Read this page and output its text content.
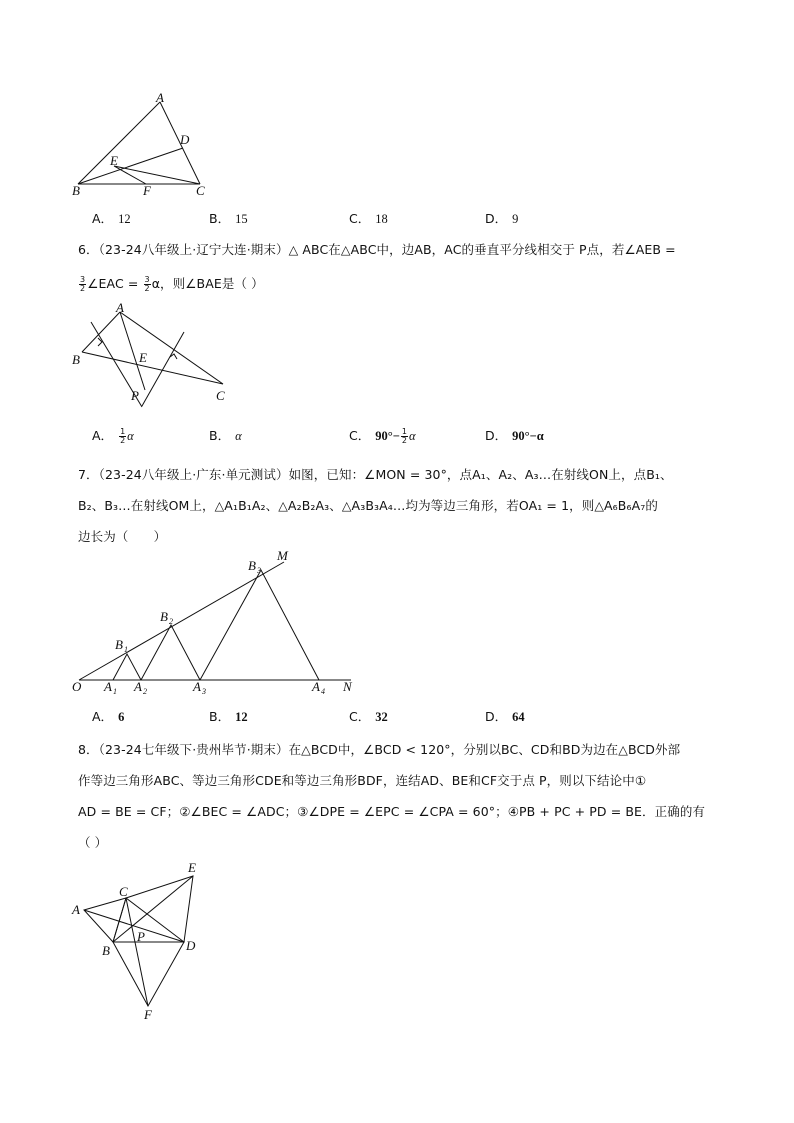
A
D
E
B	F	C
A． 12	B． 15	C． 18	D． 9
6．（23-24八年级上·辽宁大连·期末）△ ABC在△ABC中，边AB，AC的垂直平分线相交于 P点，若∠AEB =
$\frac{3}{2}$ ∠EAC = $\frac{3}{2}$ α，则∠BAE是（ ）
A
B	E
P	C
A． $\frac{1}{2}$ α	B． α	C． $90^\circ- \frac{1}{2}$ α	D． 90°−α
7．（23-24八年级上·广东·单元测试）如图，已知：∠MON = 30°，点A₁、A₂、A₃…在射线ON上，点B₁、
B₂、B₃…在射线OM上，△A₁B₁A₂、△A₂B₂A₃、△A₃B₃A₄…均为等边三角形，若OA₁ = 1，则△A₆B₆A₇的
边长为（　　）
O	N
M
A 1 A 2	A 3	A 4
B 1
B 2
B 3
A． 6	B． 12	C． 32	D． 64
8．（23-24七年级下·贵州毕节·期末）在△BCD中，∠BCD < 120°，分别以BC、CD和BD为边在△BCD外部
作等边三角形ABC、等边三角形CDE和等边三角形BDF，连结AD、BE和CF交于点 P，则以下结论中①
AD = BE = CF；②∠BEC = ∠ADC；③∠DPE = ∠EPC = ∠CPA = 60°；④PB + PC + PD = BE．正确的有
（ ）
A
C
E
P
B	D
F
